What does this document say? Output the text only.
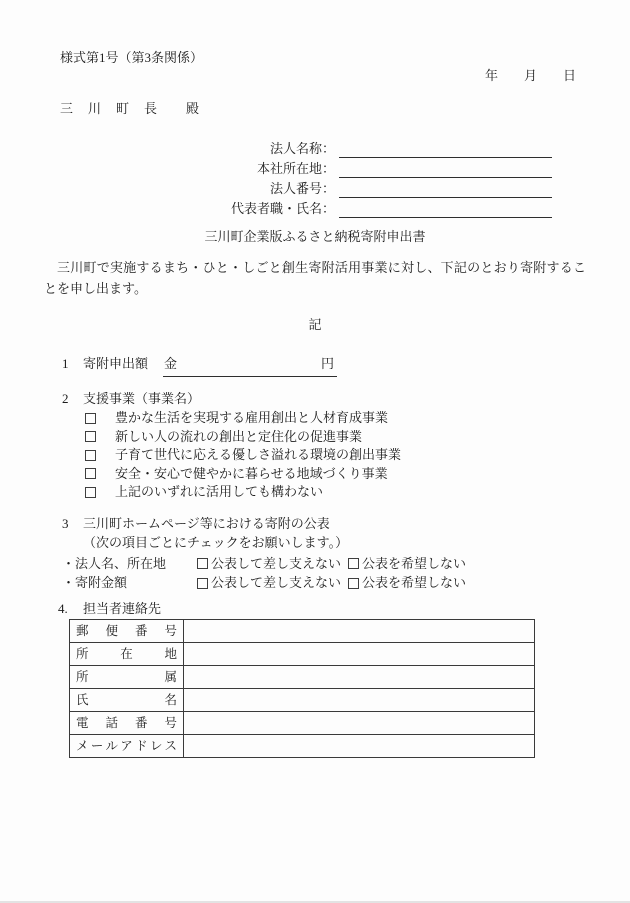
様式第1号（第3条関係）
年　　月　　日
三　川　町　長　　殿
法人名称：
本社所在地：
法人番号：
代表者職・氏名：
三川町企業版ふるさと納税寄附申出書

三川町で実施するまち・ひと・しごと創生寄附活用事業に対し、下記のとおり寄附することを申し出ます。

記
1	寄附申出額 金	円
2	支援事業（事業名）
豊かな生活を実現する雇用創出と人材育成事業
新しい人の流れの創出と定住化の促進事業
子育て世代に応える優しさ溢れる環境の創出事業
安全・安心で健やかに暮らせる地域づくり事業
上記のいずれに活用しても構わない
3	三川町ホームページ等における寄附の公表
（次の項目ごとにチェックをお願いします。）
・法人名、所在地	公表して差し支えない 公表を希望しない
・寄附金額	公表して差し支えない 公表を希望しない
4.	担当者連絡先
郵便番号	
所在地	
所属	
氏名	
電話番号	
メールアドレス	
